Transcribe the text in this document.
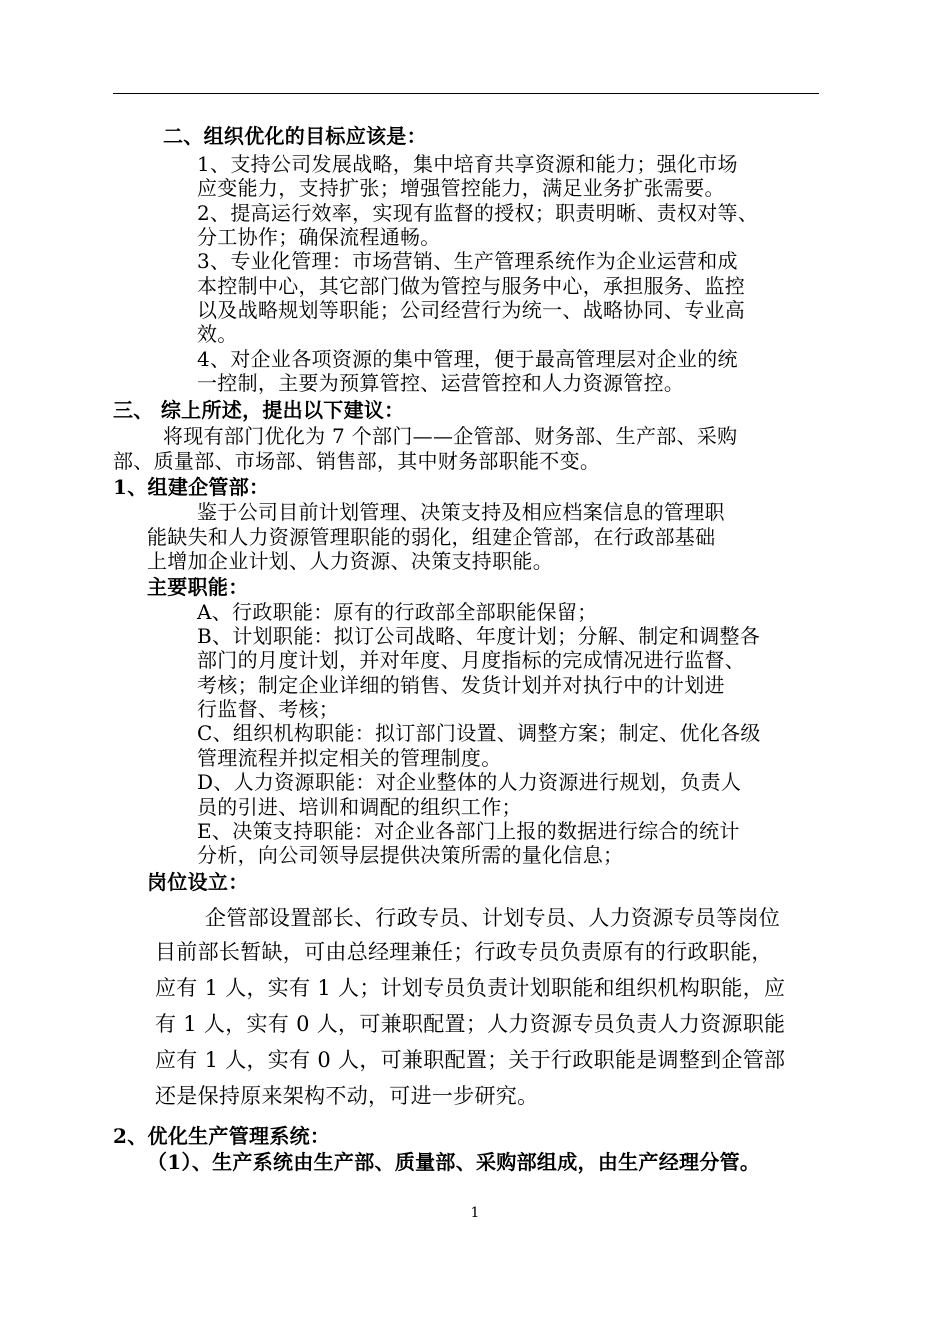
二、组织优化的目标应该是：
1、支持公司发展战略，集中培育共享资源和能力；强化市场
应变能力，支持扩张；增强管控能力，满足业务扩张需要。
2、提高运行效率，实现有监督的授权；职责明晰、责权对等、
分工协作；确保流程通畅。
3、专业化管理：市场营销、生产管理系统作为企业运营和成
本控制中心，其它部门做为管控与服务中心，承担服务、监控
以及战略规划等职能；公司经营行为统一、战略协同、专业高
效。
4、对企业各项资源的集中管理，便于最高管理层对企业的统
一控制，主要为预算管控、运营管控和人力资源管控。
三、 综上所述，提出以下建议：
将现有部门优化为 7 个部门——企管部、财务部、生产部、采购
部、质量部、市场部、销售部，其中财务部职能不变。
1、组建企管部：
鉴于公司目前计划管理、决策支持及相应档案信息的管理职
能缺失和人力资源管理职能的弱化，组建企管部，在行政部基础
上增加企业计划、人力资源、决策支持职能。
主要职能：
A、行政职能：原有的行政部全部职能保留；
B、计划职能：拟订公司战略、年度计划；分解、制定和调整各
部门的月度计划，并对年度、月度指标的完成情况进行监督、
考核；制定企业详细的销售、发货计划并对执行中的计划进
行监督、考核；
C、组织机构职能：拟订部门设置、调整方案；制定、优化各级
管理流程并拟定相关的管理制度。
D、人力资源职能：对企业整体的人力资源进行规划，负责人
员的引进、培训和调配的组织工作；
E、决策支持职能：对企业各部门上报的数据进行综合的统计
分析，向公司领导层提供决策所需的量化信息；
岗位设立：
企管部设置部长、行政专员、计划专员、人力资源专员等岗位
目前部长暂缺，可由总经理兼任；行政专员负责原有的行政职能，
应有 1 人，实有 1 人；计划专员负责计划职能和组织机构职能，应
有 1 人，实有 0 人，可兼职配置；人力资源专员负责人力资源职能
应有 1 人，实有 0 人，可兼职配置；关于行政职能是调整到企管部
还是保持原来架构不动，可进一步研究。
2、优化生产管理系统：
（1）、生产系统由生产部、质量部、采购部组成，由生产经理分管。
1
